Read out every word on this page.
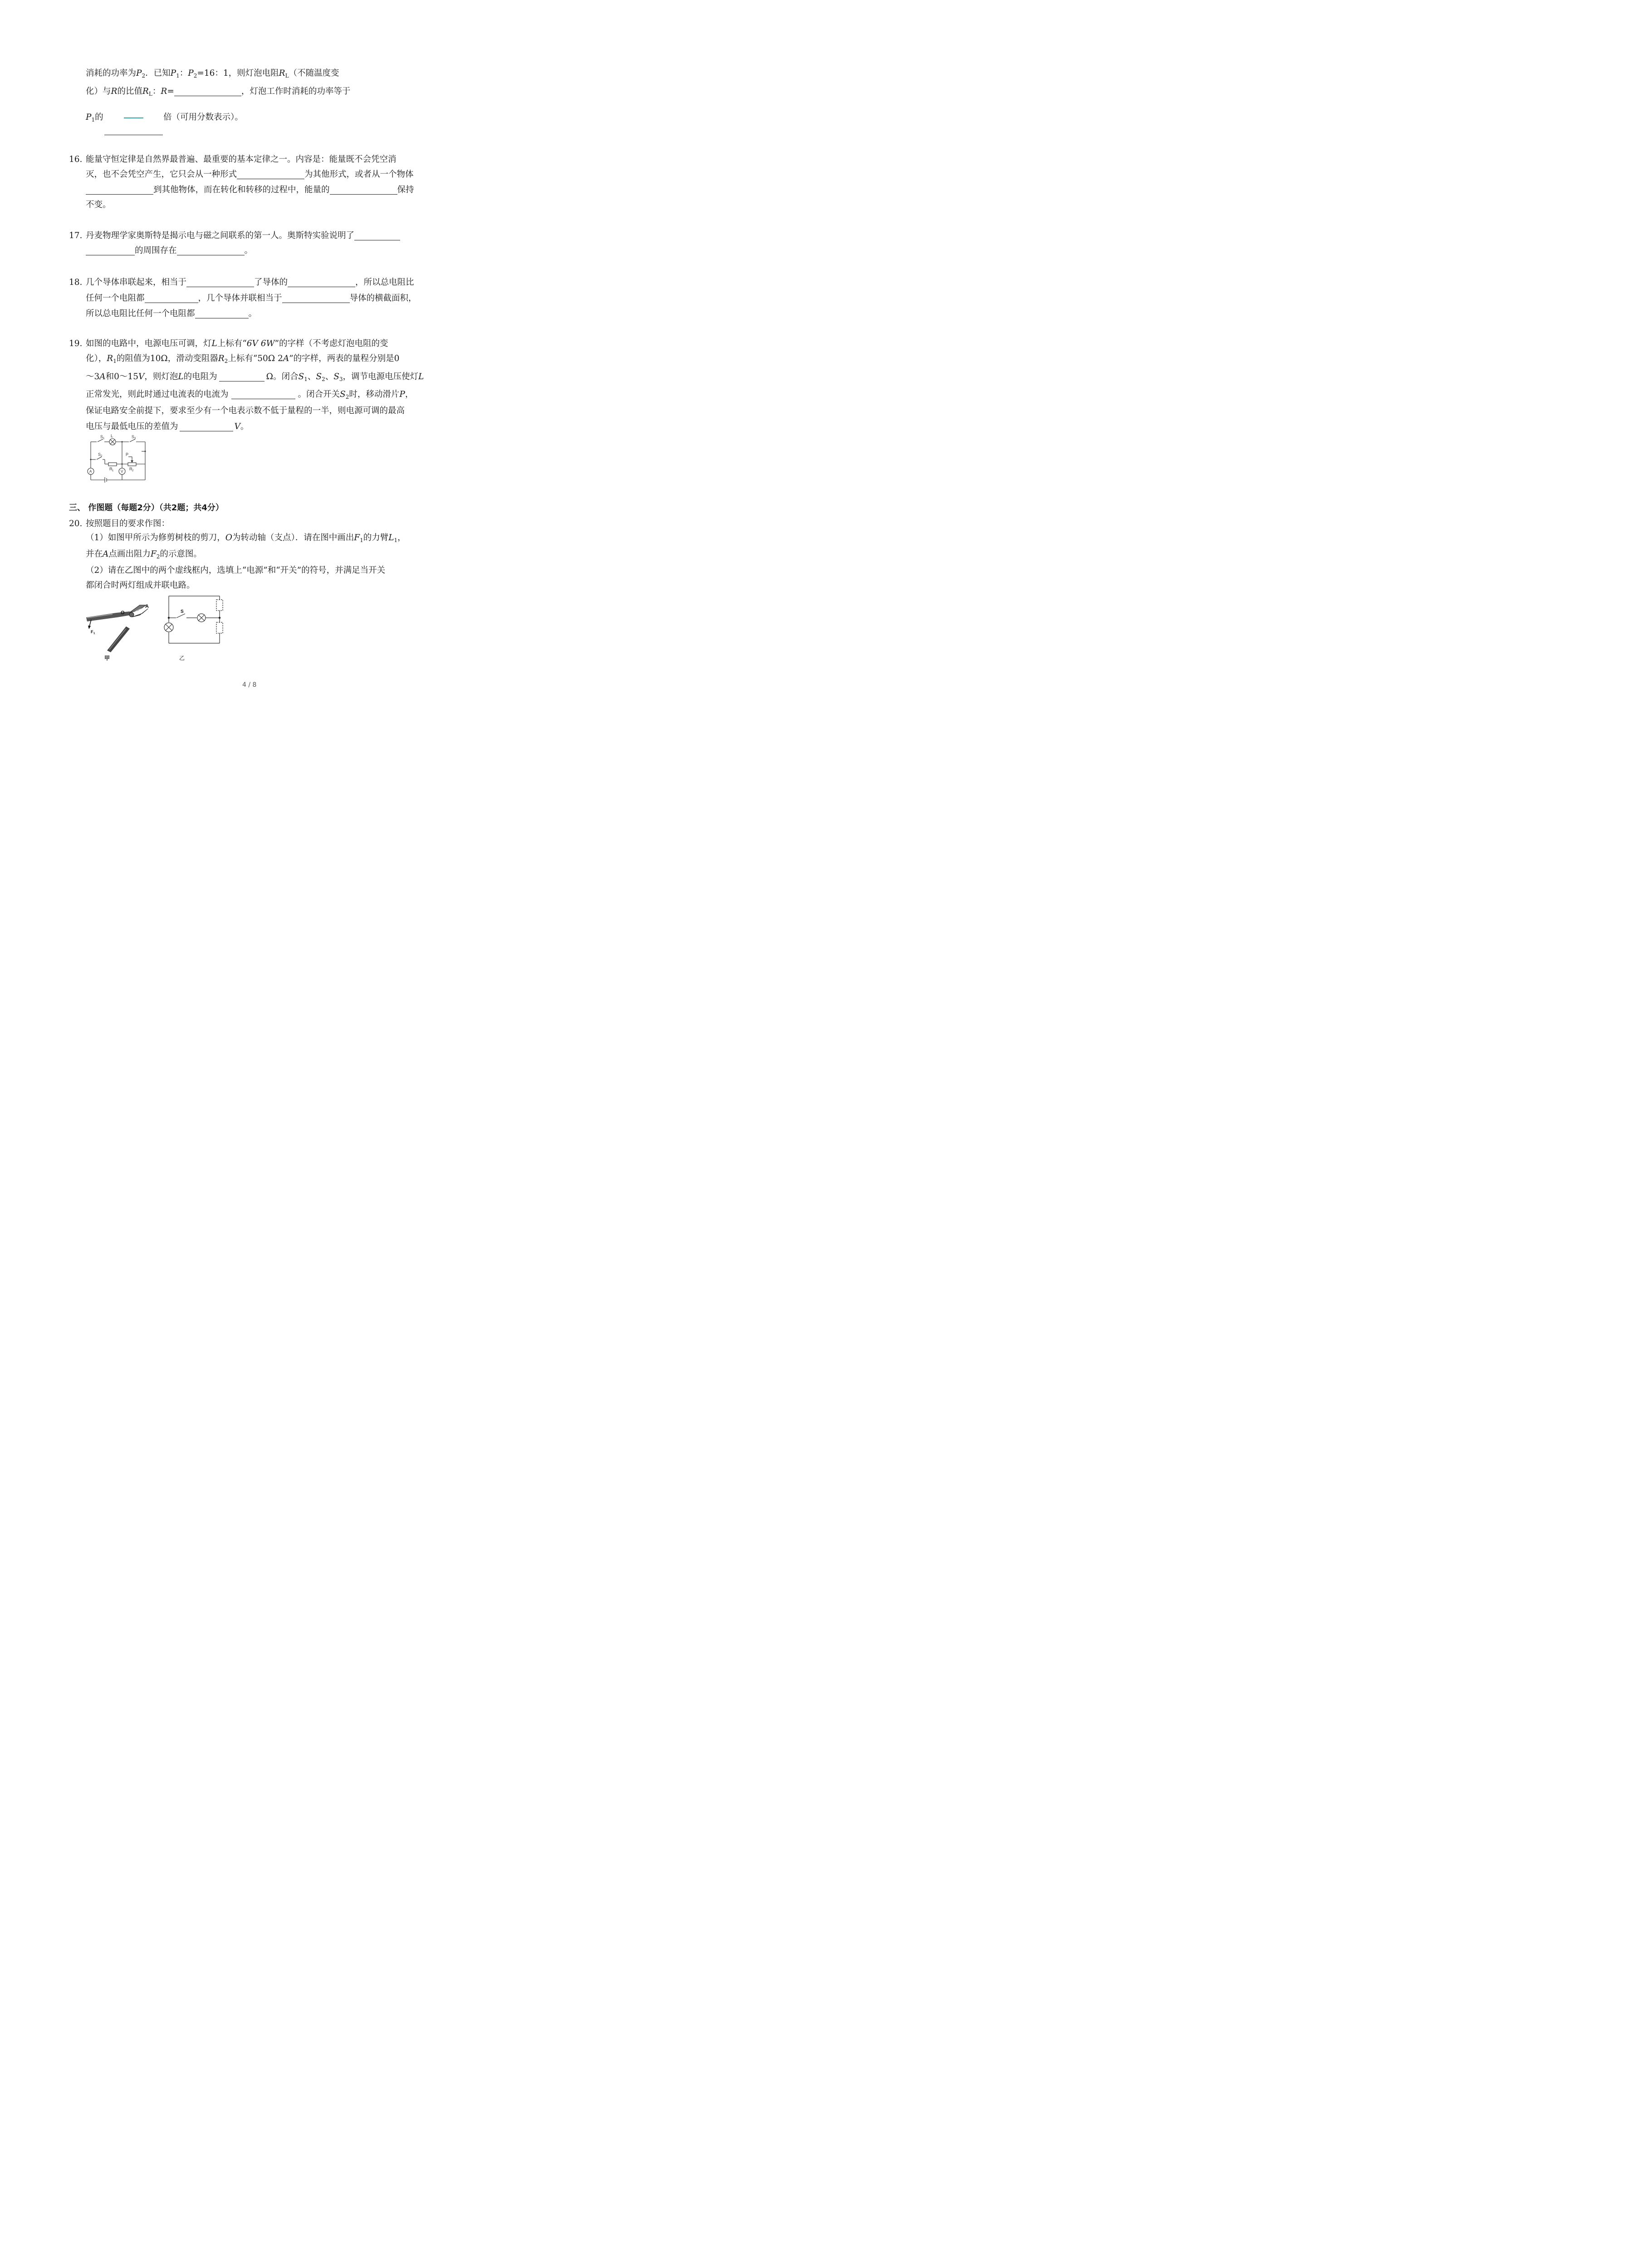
消耗的功率为$P_2$．已知$P_1$：$P_2=16$：1，则灯泡电阻$R_L$（不随温度变
化）与R的比值$R_L$：R=	，灯泡工作时消耗的功率等于
$P_1$的	倍（可用分数表示）。
16. 能量守恒定律是自然界最普遍、最重要的基本定律之一。内容是：能量既不会凭空消
灭，也不会凭空产生，它只会从一种形式	为其他形式，或者从一个物体
到其他物体，而在转化和转移的过程中，能量的	保持
不变。
17. 丹麦物理学家奥斯特是揭示电与磁之间联系的第一人。奥斯特实验说明了
的周围存在	。
18. 几个导体串联起来，相当于	了导体的	，所以总电阻比
任何一个电阻都	，几个导体并联相当于	导体的横截面积，
所以总电阻比任何一个电阻都	。
19. 如图的电路中，电源电压可调，灯L上标有“6V 6W”的字样（不考虑灯泡电阻的变
化），$R_1$的阻值为10Ω，滑动变阻器$R_2$上标有“50Ω 2A”的字样，两表的量程分别是0
～3A和0～15V，则灯泡L的电阻为	Ω。闭合$S_1$、$S_2$、$S_3$，调节电源电压使灯L
正常发光，则此时通过电流表的电流为	。闭合开关$S_2$时，移动滑片P，
保证电路安全前提下，要求至少有一个电表示数不低于量程的一半，则电源可调的最高
电压与最低电压的差值为	V。
S 1
L	S 3
S 2	P
R 1	R 2
A	V
三、 作图题（每题2分）（共2题；共4分）
20. 按照题目的要求作图：
（1）如图甲所示为修剪树枝的剪刀，O为转动轴（支点）．请在图中画出$F_1$的力臂$L_1$，
并在A点画出阻力$F_2$的示意图。
（2）请在乙图中的两个虚线框内，选填上“电源”和“开关”的符号，并满足当开关
都闭合时两灯组成并联电路。
O
A
F 1
甲
S
乙
4 / 8
